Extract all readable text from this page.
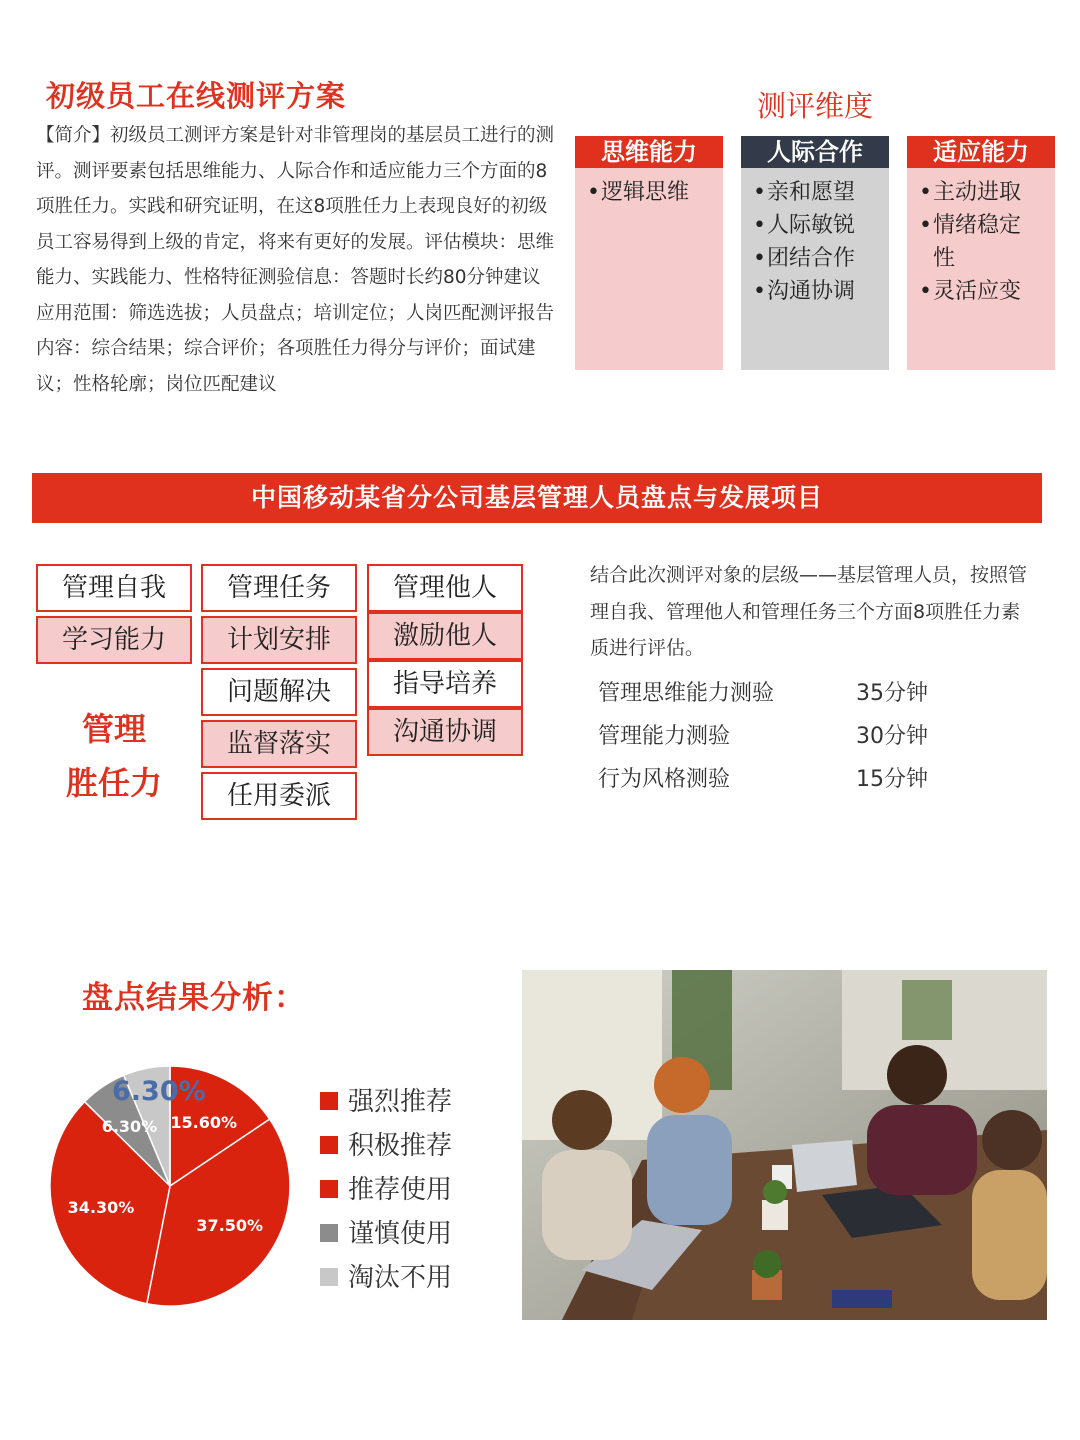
初级员工在线测评方案
【简介】初级员工测评方案是针对非管理岗的基层员工进行的测评。测评要素包括思维能力、人际合作和适应能力三个方面的8项胜任力。实践和研究证明，在这8项胜任力上表现良好的初级员工容易得到上级的肯定，将来有更好的发展。评估模块：思维能力、实践能力、性格特征测验信息：答题时长约80分钟建议应用范围：筛选选拔；人员盘点；培训定位；人岗匹配测评报告内容：综合结果；综合评价；各项胜任力得分与评价；面试建议；性格轮廓；岗位匹配建议
测评维度
思维能力
• 逻辑思维
人际合作
• 亲和愿望
• 人际敏锐
• 团结合作
• 沟通协调
适应能力
• 主动进取
• 情绪稳定性
• 灵活应变
中国移动某省分公司基层管理人员盘点与发展项目
管理自我
学习能力
管理任务
计划安排
问题解决
监督落实
任用委派
管理他人
激励他人
指导培养
沟通协调
管理
胜任力
结合此次测评对象的层级——基层管理人员，按照管理自我、管理他人和管理任务三个方面8项胜任力素质进行评估。
管理思维能力测验	35分钟
管理能力测验	30分钟
行为风格测验	15分钟
盘点结果分析：
15.60%
37.50%
34.30%
6.30%
6.30%	强烈推荐
积极推荐
推荐使用
谨慎使用
淘汰不用
